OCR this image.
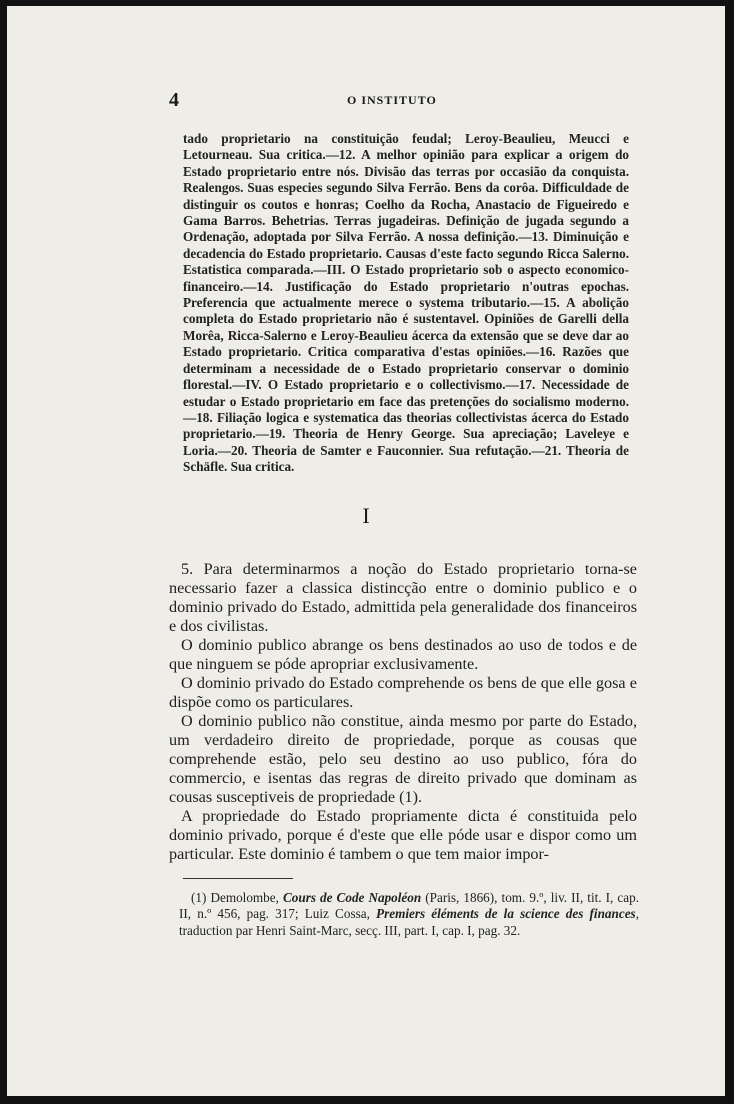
4	O INSTITUTO
tado proprietario na constituição feudal; Leroy-Beaulieu, Meucci e Letourneau. Sua critica.—12. A melhor opinião para explicar a origem do Estado proprietario entre nós. Divisão das terras por occasião da conquista. Realengos. Suas especies segundo Silva Ferrão. Bens da corôa. Difficuldade de distinguir os coutos e honras; Coelho da Rocha, Anastacio de Figueiredo e Gama Barros. Behetrias. Terras jugadeiras. Definição de jugada segundo a Ordenação, adoptada por Silva Ferrão. A nossa definição.—13. Diminuição e decadencia do Estado proprietario. Causas d'este facto segundo Ricca Salerno. Estatistica comparada.—III. O Estado proprietario sob o aspecto economico-financeiro.—14. Justificação do Estado proprietario n'outras epochas. Preferencia que actualmente merece o systema tributario.—15. A abolição completa do Estado proprietario não é sustentavel. Opiniões de Garelli della Morêa, Ricca-Salerno e Leroy-Beaulieu ácerca da extensão que se deve dar ao Estado proprietario. Critica comparativa d'estas opiniões.—16. Razões que determinam a necessidade de o Estado proprietario conservar o dominio florestal.—IV. O Estado proprietario e o collectivismo.—17. Necessidade de estudar o Estado proprietario em face das pretenções do socialismo moderno.—18. Filiação logica e systematica das theorias collectivistas ácerca do Estado proprietario.—19. Theoria de Henry George. Sua apreciação; Laveleye e Loria.—20. Theoria de Samter e Fauconnier. Sua refutação.—21. Theoria de Schäfle. Sua critica.
I

5. Para determinarmos a noção do Estado proprietario torna-se necessario fazer a classica distincção entre o dominio publico e o dominio privado do Estado, admittida pela generalidade dos financeiros e dos civilistas.

O dominio publico abrange os bens destinados ao uso de todos e de que ninguem se póde apropriar exclusivamente.

O dominio privado do Estado comprehende os bens de que elle gosa e dispõe como os particulares.

O dominio publico não constitue, ainda mesmo por parte do Estado, um verdadeiro direito de propriedade, porque as cousas que comprehende estão, pelo seu destino ao uso publico, fóra do commercio, e isentas das regras de direito privado que dominam as cousas susceptiveis de propriedade (1).

A propriedade do Estado propriamente dicta é constituida pelo dominio privado, porque é d'este que elle póde usar e dispor como um particular. Este dominio é tambem o que tem maior impor-

(1) Demolombe, Cours de Code Napoléon (Paris, 1866), tom. 9.º, liv. II, tit. I, cap. II, n.º 456, pag. 317; Luiz Cossa, Premiers éléments de la science des finances, traduction par Henri Saint-Marc, secç. III, part. I, cap. I, pag. 32.
